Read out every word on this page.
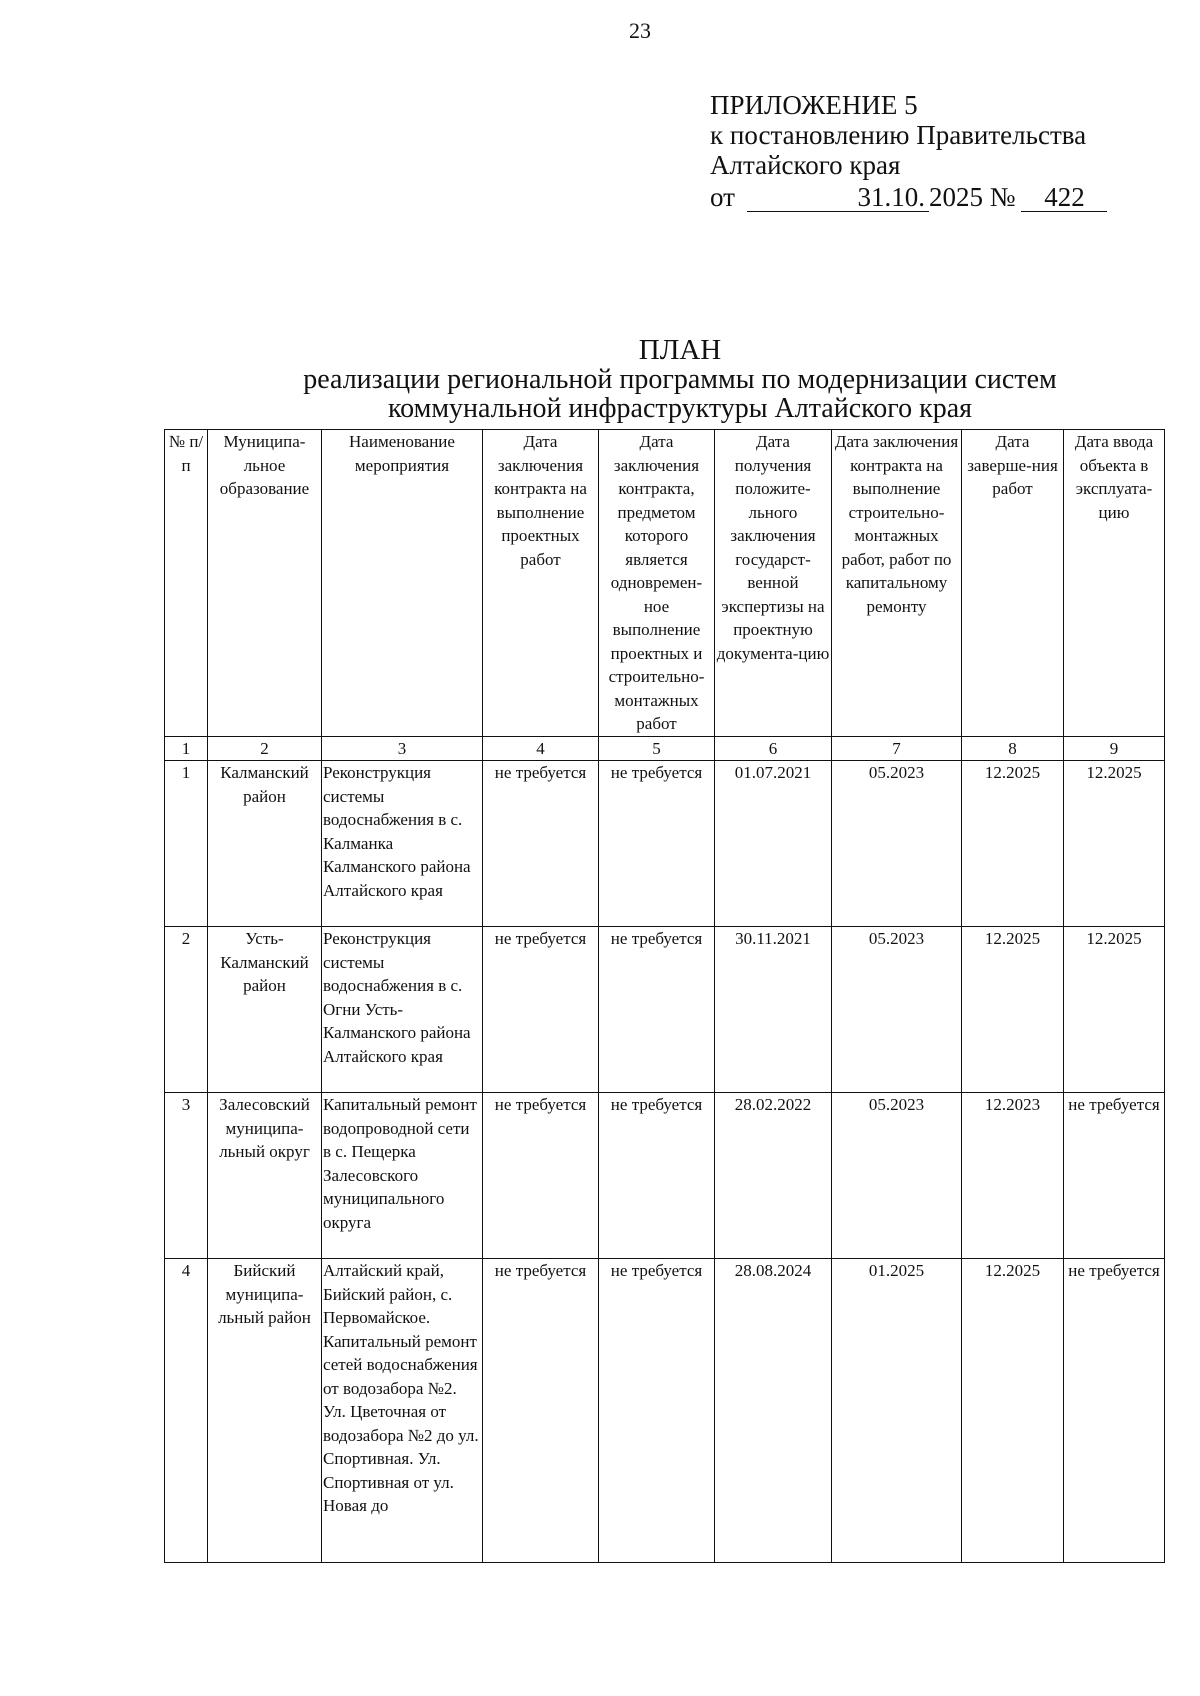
23
ПРИЛОЖЕНИЕ 5
к постановлению Правительства
Алтайского края
от	31.10. 2025 № 422
ПЛАН
реализации региональной программы по модернизации систем
коммунальной инфраструктуры Алтайского края
№ п/п	Муниципа-льное образование	Наименование мероприятия	Дата заключения контракта на выполнение проектных работ	Дата заключения контракта, предметом которого является одновремен-ное выполнение проектных и строительно-монтажных работ	Дата получения положите-льного заключения государст-венной экспертизы на проектную документа-цию	Дата заключения контракта на выполнение строительно-монтажных работ, работ по капитальному ремонту	Дата заверше-ния работ	Дата ввода объекта в эксплуата-цию
1	2	3	4	5	6	7	8	9
1	Калманский район	Реконструкция системы водоснабжения в с. Калманка Калманского района Алтайского края	не требуется	не требуется	01.07.2021	05.2023	12.2025	12.2025
2	Усть-Калманский район	Реконструкция системы водоснабжения в с. Огни Усть-Калманского района Алтайского края	не требуется	не требуется	30.11.2021	05.2023	12.2025	12.2025
3	Залесовский муниципа-льный округ	Капитальный ремонт водопроводной сети в с. Пещерка Залесовского муниципального округа	не требуется	не требуется	28.02.2022	05.2023	12.2023	не требуется
4	Бийский муниципа-льный район	Алтайский край, Бийский район, с. Первомайское. Капитальный ремонт сетей водоснабжения от водозабора №2. Ул. Цветочная от водозабора №2 до ул. Спортивная. Ул. Спортивная от ул. Новая до	не требуется	не требуется	28.08.2024	01.2025	12.2025	не требуется
